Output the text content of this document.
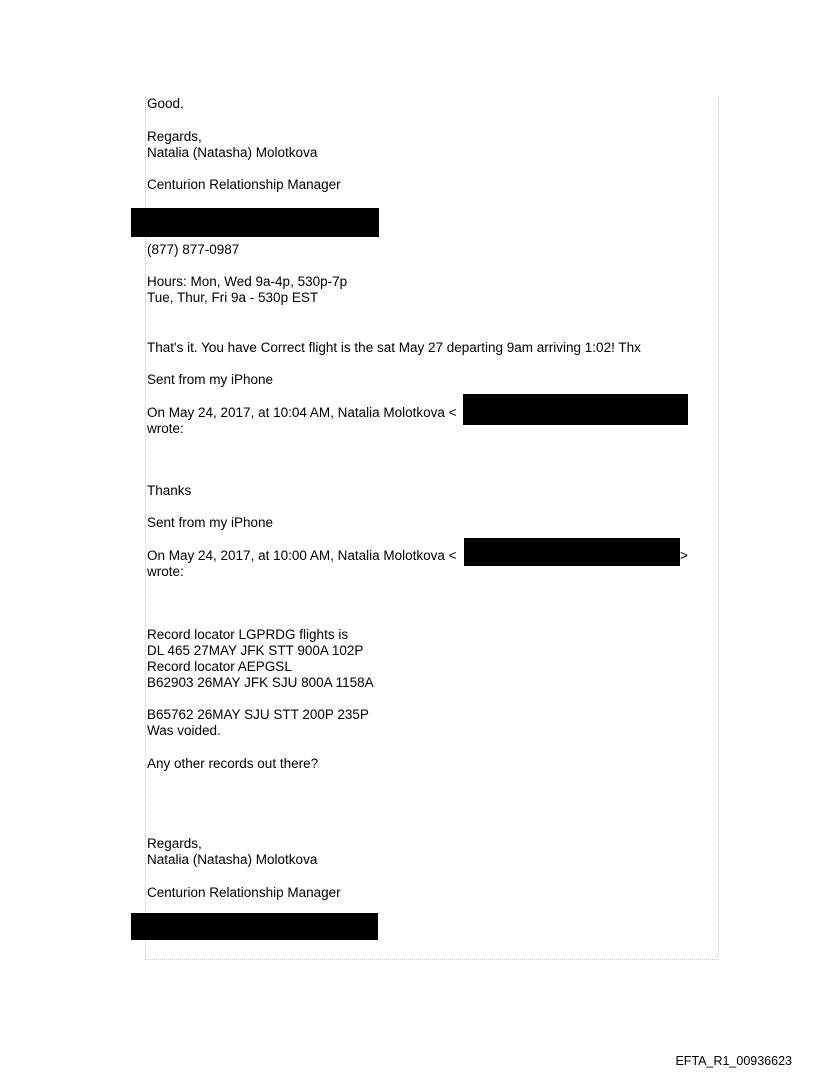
Good.
Regards,
Natalia (Natasha) Molotkova
Centurion Relationship Manager
(877) 877-0987
Hours: Mon, Wed 9a-4p, 530p-7p
Tue, Thur, Fri 9a - 530p EST
That's it. You have Correct flight is the sat May 27 departing 9am arriving 1:02! Thx
Sent from my iPhone
On May 24, 2017, at 10:04 AM, Natalia Molotkova <
wrote:
Thanks
Sent from my iPhone
On May 24, 2017, at 10:00 AM, Natalia Molotkova <	>
wrote:
Record locator LGPRDG flights is
DL 465 27MAY JFK STT 900A 102P
Record locator AEPGSL
B62903 26MAY JFK SJU 800A 1158A
B65762 26MAY SJU STT 200P 235P
Was voided.
Any other records out there?
Regards,
Natalia (Natasha) Molotkova
Centurion Relationship Manager
EFTA_R1_00936623
